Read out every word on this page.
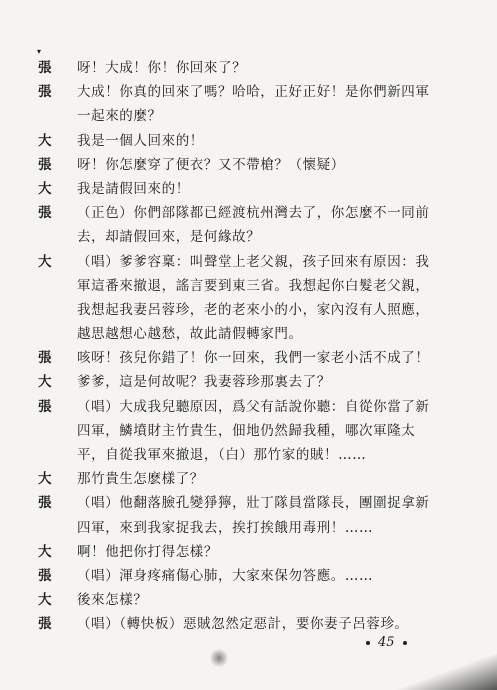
▾
張	呀！大成！你！你回來了？
張	大成！你真的回來了嗎？哈哈，正好正好！是你們新四軍
一起來的麼？
大	我是一個人回來的！
張	呀！你怎麼穿了便衣？又不帶槍？（懷疑）
大	我是請假回來的！
張	（正色）你們部隊都已經渡杭州灣去了，你怎麼不一同前
去，却請假回來，是何緣故？
大	（唱）爹爹容稟：叫聲堂上老父親，孩子回來有原因：我
軍這番來撤退，謠言要到東三省。我想起你白髮老父親，
我想起我妻呂蓉珍，老的老來小的小，家內沒有人照應，
越思越想心越愁，故此請假轉家門。
張	咳呀！孩兒你錯了！你一回來，我們一家老小活不成了！
大	爹爹，這是何故呢？我妻蓉珍那裏去了？
張	（唱）大成我兒聽原因，爲父有話說你聽：自從你當了新
四軍，鱗墳財主竹貴生，佃地仍然歸我種，哪次軍隆太
平，自從我軍來撤退，（白）那竹家的賊！……
大	那竹貴生怎麽樣了？
張	（唱）他翻落臉孔變猙獰，壯丁隊員當隊長，團圍捉拿新
四軍，來到我家捉我去，挨打挨餓用毒刑！……
大	啊！他把你打得怎樣？
張	（唱）渾身疼痛傷心肺，大家來保勿答應。……
大	後來怎樣？
張	（唱）（轉快板）惡賊忽然定惡計，要你妻子呂蓉珍。
45
